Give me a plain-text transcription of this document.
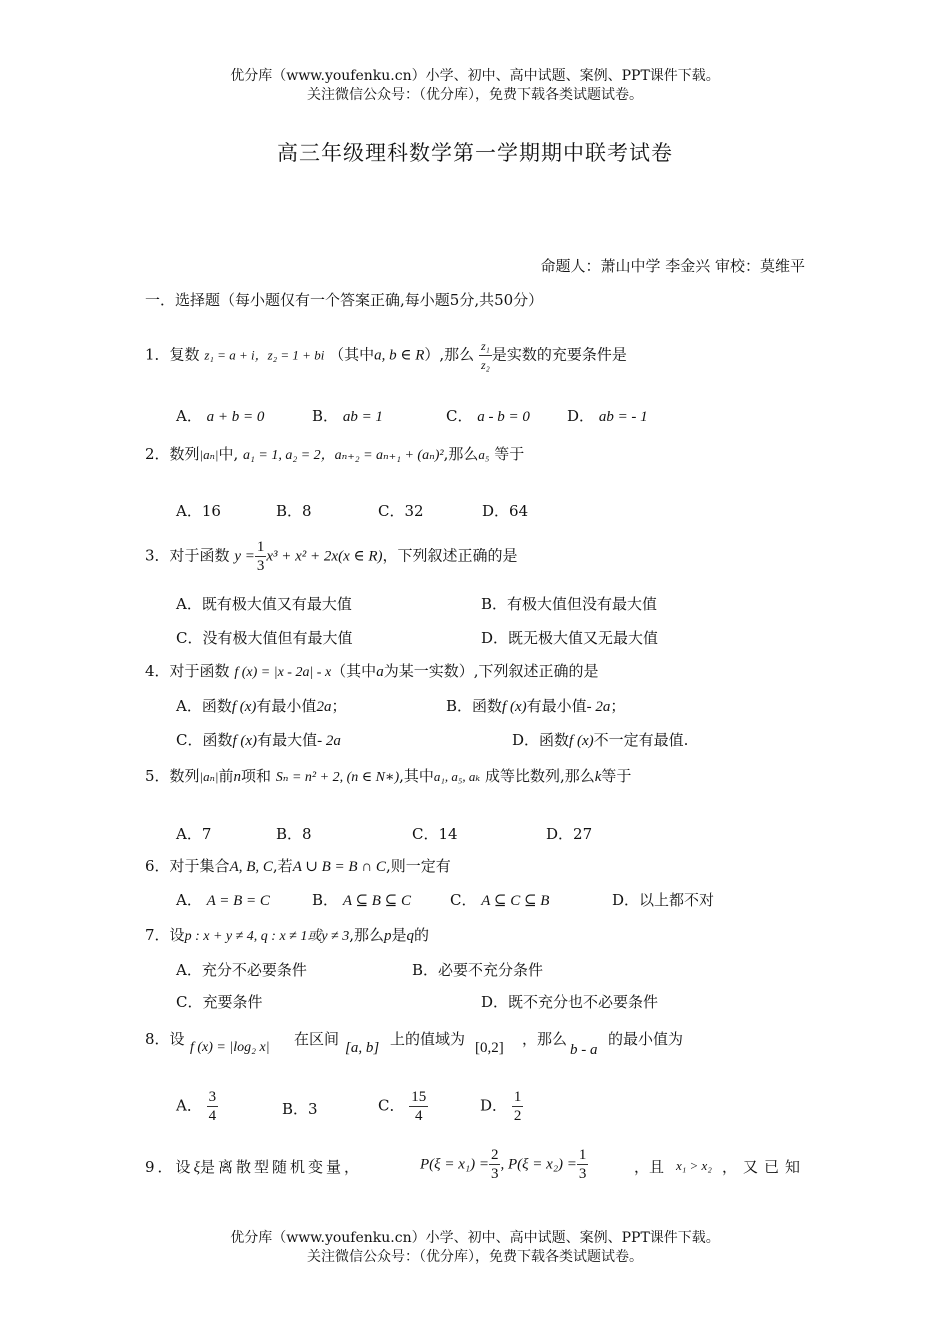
优分库（www.youfenku.cn）小学、初中、高中试题、案例、PPT课件下载。
关注微信公众号：（优分库），免费下载各类试题试卷。
高三年级理科数学第一学期期中联考试卷
命题人：萧山中学 李金兴 审校：莫维平
一．选择题（每小题仅有一个答案正确,每小题5分,共50分）
1．复数 z₁ = a + i，z₂ = 1 + bi （其中a, b ∈ R）,那么 $\frac{\text{z₁}}{\text{z₂}}$ 是实数的充要条件是
A． a + b = 0	B． ab = 1	C． a - b = 0 D． ab = - 1
2．数列|aₙ|中, a₁ = 1, a₂ = 2，aₙ₊₂ = aₙ₊₁ + (aₙ)²,那么a₅ 等于
A．16	B．8	C．32	D．64
3．对于函数 $y = \frac{1}{3} x^3 + x^2 + 2x(x$ ∈ R)，下列叙述正确的是
A．既有极大值又有最大值	B．有极大值但没有最大值
C．没有极大值但有最大值	D．既无极大值又无最大值
4．对于函数 f (x) = |x - 2a| - x（其中a为某一实数）,下列叙述正确的是
A．函数f (x)有最小值2a；	B．函数f (x)有最小值- 2a；
C．函数f (x)有最大值- 2a	D．函数f (x)不一定有最值.
5．数列|aₙ|前n项和 Sₙ = n² + 2, (n ∈ N∗),其中a₁, a₅, aₖ 成等比数列,那么k等于
A．7	B．8	C．14	D．27
6．对于集合A, B, C,若A ∪ B = B ∩ C,则一定有
A． A = B = C	B． A ⊆ B ⊆ C	C． A ⊆ C ⊆ B	D．以上都不对
7．设p : x + y ≠ 4, q : x ≠ 1或y ≠ 3,那么p是q的
A．充分不必要条件	B．必要不充分条件
C．充要条件	D．既不充分也不必要条件
8．设 f (x) = |log₂ x| 在区间 [a, b] 上的值域为 [0,2] ，那么
b - a
的最小值为
A． $\frac{3}{4}$	B．3	C． $\frac{15}{4}$	D． $\frac{1}{2}$
9．设ξ是离散型随机变量，	$P(\xi = x_1) = \frac{2}{3}$ , $P(\xi = x_2) = \frac{1}{3}$	，且 x₁ > x₂ ，又已知
优分库（www.youfenku.cn）小学、初中、高中试题、案例、PPT课件下载。
关注微信公众号：（优分库），免费下载各类试题试卷。
